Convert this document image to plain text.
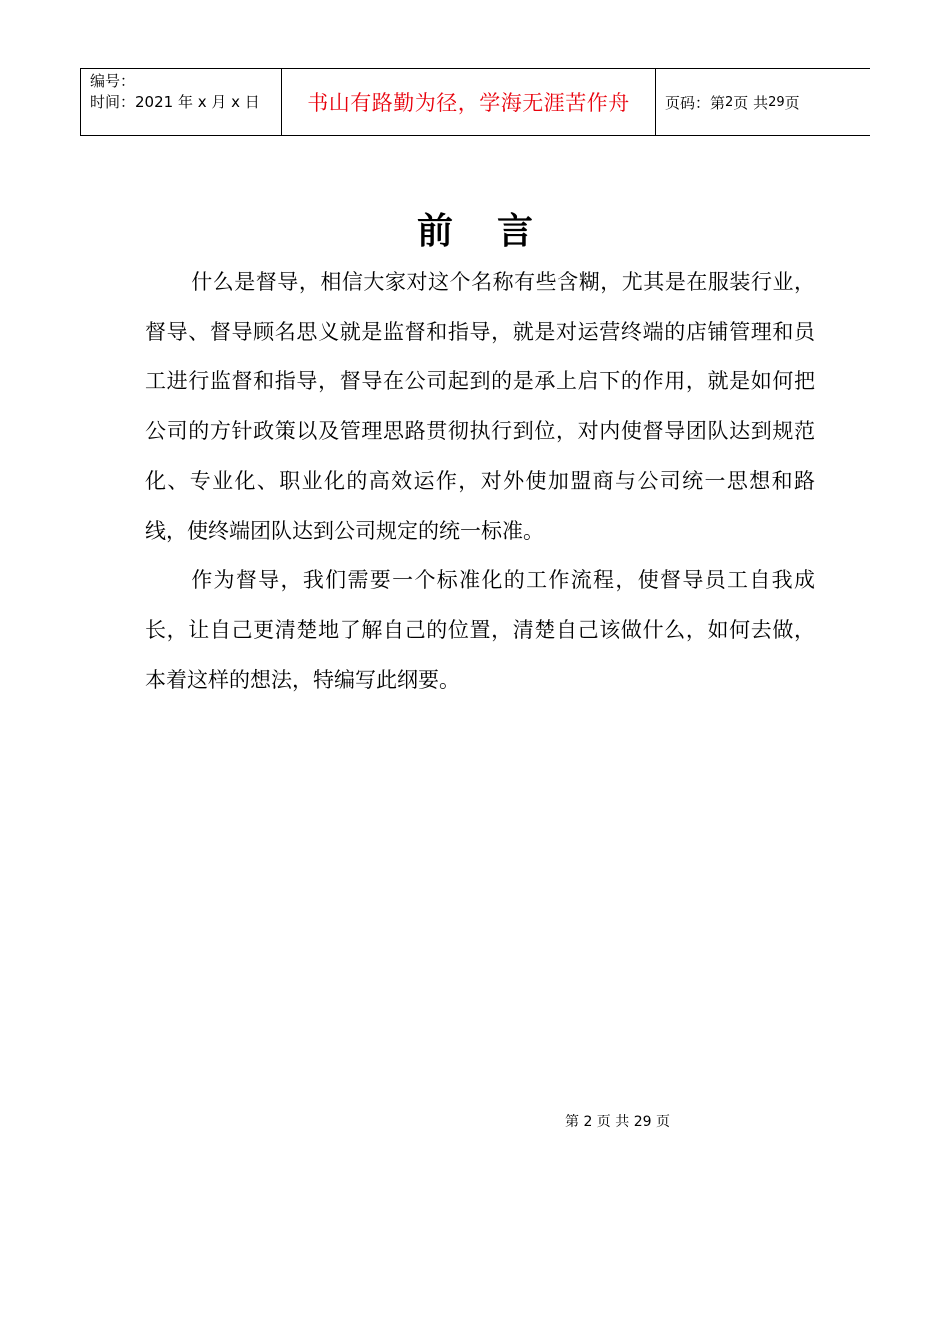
编号：
时间：2021 年 x 月 x 日	书山有路勤为径，学海无涯苦作舟	页码：第 2 页 共 29 页
前言

什么是督导，相信大家对这个名称有些含糊，尤其是在服装行业，督导、督导顾名思义就是监督和指导，就是对运营终端的店铺管理和员工进行监督和指导，督导在公司起到的是承上启下的作用，就是如何把公司的方针政策以及管理思路贯彻执行到位，对内使督导团队达到规范化、专业化、职业化的高效运作，对外使加盟商与公司统一思想和路线，使终端团队达到公司规定的统一标准。

作为督导，我们需要一个标准化的工作流程，使督导员工自我成长，让自己更清楚地了解自己的位置，清楚自己该做什么，如何去做，本着这样的想法，特编写此纲要。

第 2 页 共 29 页
